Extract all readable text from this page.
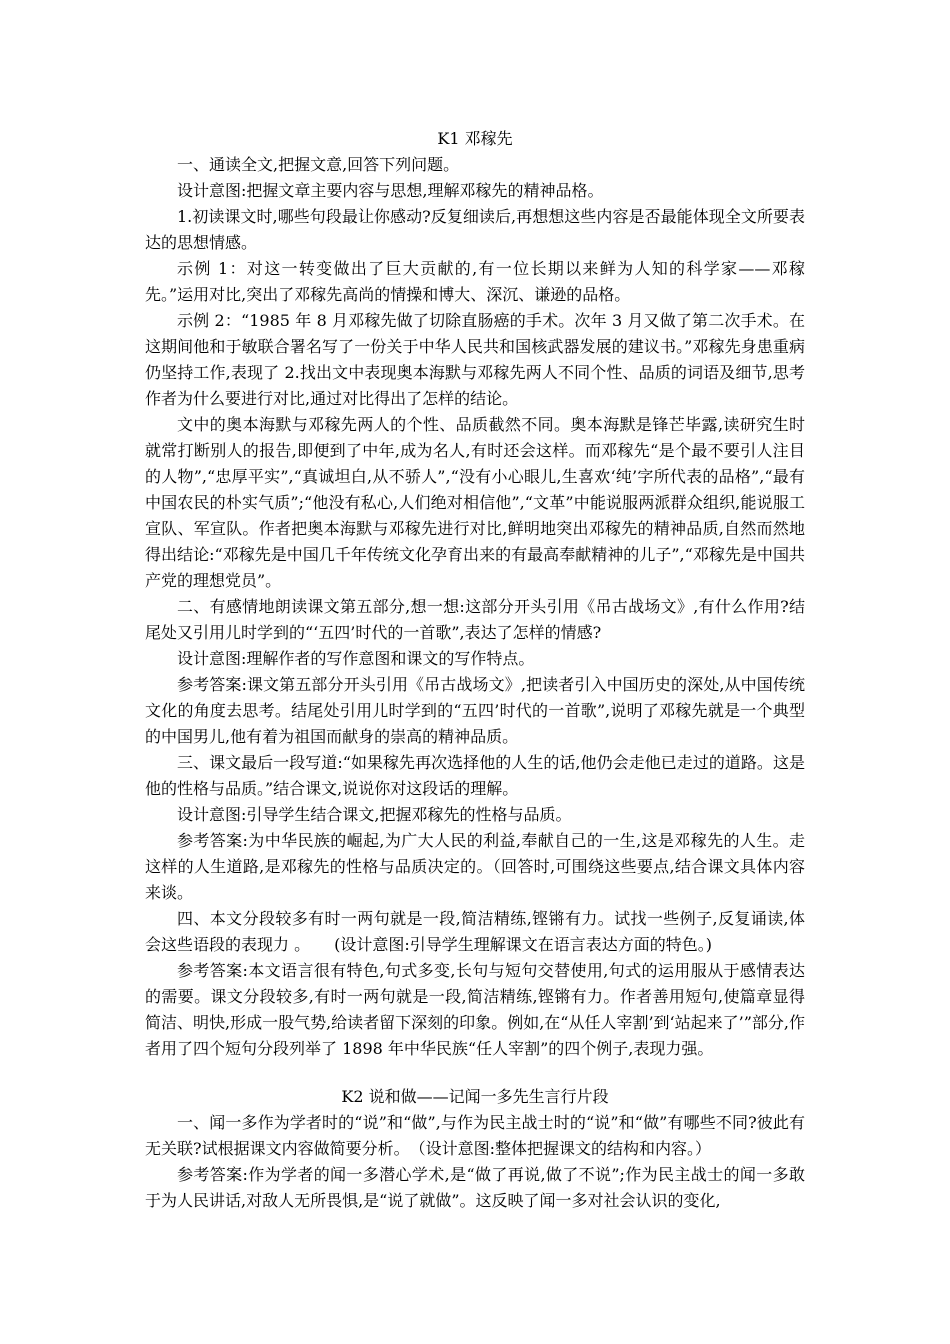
K1 邓稼先

一、通读全文,把握文意,回答下列问题。

设计意图:把握文章主要内容与思想,理解邓稼先的精神品格。

1.初读课文时,哪些句段最让你感动?反复细读后,再想想这些内容是否最能体现全文所要表达的思想情感。

示例 1：对这一转变做出了巨大贡献的,有一位长期以来鲜为人知的科学家——邓稼先。”运用对比,突出了邓稼先高尚的情操和博大、深沉、谦逊的品格。

示例 2：“1985 年 8 月邓稼先做了切除直肠癌的手术。次年 3 月又做了第二次手术。在这期间他和于敏联合署名写了一份关于中华人民共和国核武器发展的建议书。”邓稼先身患重病仍坚持工作,表现了 2.找出文中表现奥本海默与邓稼先两人不同个性、品质的词语及细节,思考作者为什么要进行对比,通过对比得出了怎样的结论。

文中的奥本海默与邓稼先两人的个性、品质截然不同。奥本海默是锋芒毕露,读研究生时就常打断别人的报告,即便到了中年,成为名人,有时还会这样。而邓稼先“是个最不要引人注目的人物”,“忠厚平实”,“真诚坦白,从不骄人”,“没有小心眼儿,生喜欢‘纯’字所代表的品格”,“最有中国农民的朴实气质”;“他没有私心,人们绝对相信他”,“文革”中能说服两派群众组织,能说服工宣队、军宣队。作者把奥本海默与邓稼先进行对比,鲜明地突出邓稼先的精神品质,自然而然地得出结论:“邓稼先是中国几千年传统文化孕育出来的有最高奉献精神的儿子”,“邓稼先是中国共产党的理想党员”。

二、有感情地朗读课文第五部分,想一想:这部分开头引用《吊古战场文》,有什么作用?结尾处又引用儿时学到的“‘五四’时代的一首歌”,表达了怎样的情感?

设计意图:理解作者的写作意图和课文的写作特点。

参考答案:课文第五部分开头引用《吊古战场文》,把读者引入中国历史的深处,从中国传统文化的角度去思考。结尾处引用儿时学到的“五四’时代的一首歌”,说明了邓稼先就是一个典型的中国男儿,他有着为祖国而献身的崇高的精神品质。

三、课文最后一段写道:“如果稼先再次选择他的人生的话,他仍会走他已走过的道路。这是他的性格与品质。”结合课文,说说你对这段话的理解。

设计意图:引导学生结合课文,把握邓稼先的性格与品质。

参考答案:为中华民族的崛起,为广大人民的利益,奉献自己的一生,这是邓稼先的人生。走这样的人生道路,是邓稼先的性格与品质决定的。（回答时,可围绕这些要点,结合课文具体内容来谈。

四、本文分段较多有时一两句就是一段,简洁精练,铿锵有力。试找一些例子,反复诵读,体会这些语段的表现力 。　　(设计意图:引导学生理解课文在语言表达方面的特色。)

参考答案:本文语言很有特色,句式多变,长句与短句交替使用,句式的运用服从于感情表达的需要。课文分段较多,有时一两句就是一段,简洁精练,铿锵有力。作者善用短句,使篇章显得简洁、明快,形成一股气势,给读者留下深刻的印象。例如,在“从任人宰割’到‘站起来了’”部分,作者用了四个短句分段列举了 1898 年中华民族“任人宰割”的四个例子,表现力强。

K2 说和做——记闻一多先生言行片段

一、闻一多作为学者时的“说”和“做”,与作为民主战士时的“说”和“做”有哪些不同?彼此有无关联?试根据课文内容做简要分析。　（设计意图:整体把握课文的结构和内容。）

参考答案:作为学者的闻一多潜心学术,是“做了再说,做了不说”;作为民主战士的闻一多敢于为人民讲话,对敌人无所畏惧,是“说了就做”。这反映了闻一多对社会认识的变化,
